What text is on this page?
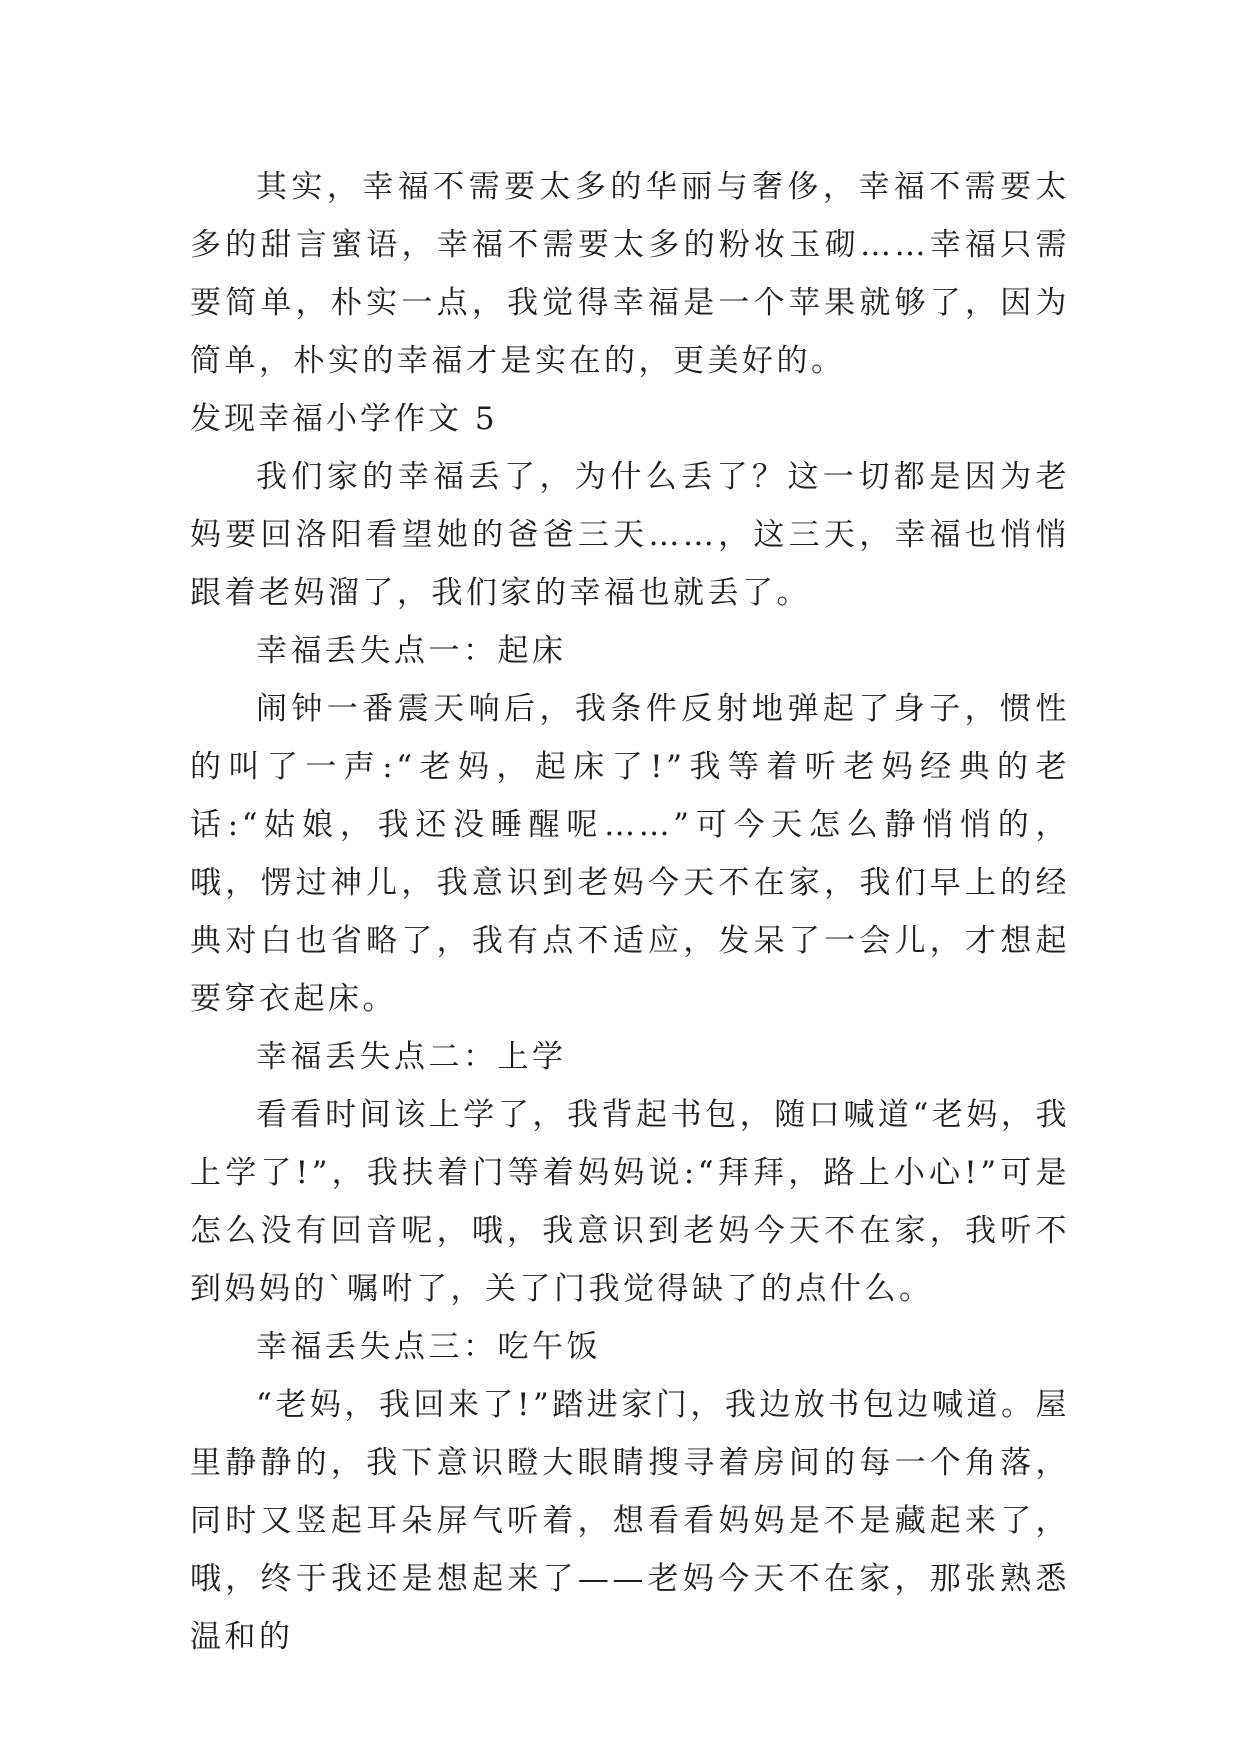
其实，幸福不需要太多的华丽与奢侈，幸福不需要太多的甜言蜜语，幸福不需要太多的粉妆玉砌……幸福只需要简单，朴实一点，我觉得幸福是一个苹果就够了，因为简单，朴实的幸福才是实在的，更美好的。

发现幸福小学作文 5

我们家的幸福丢了，为什么丢了？这一切都是因为老妈要回洛阳看望她的爸爸三天……，这三天，幸福也悄悄跟着老妈溜了，我们家的幸福也就丢了。

幸福丢失点一：起床

闹钟一番震天响后，我条件反射地弹起了身子，惯性的叫了一声:“老妈，起床了!”我等着听老妈经典的老话:“姑娘，我还没睡醒呢……”可今天怎么静悄悄的，哦，愣过神儿，我意识到老妈今天不在家，我们早上的经典对白也省略了，我有点不适应，发呆了一会儿，才想起要穿衣起床。

幸福丢失点二：上学

看看时间该上学了，我背起书包，随口喊道“老妈，我上学了!”，我扶着门等着妈妈说:“拜拜，路上小心!”可是怎么没有回音呢，哦，我意识到老妈今天不在家，我听不到妈妈的`嘱咐了，关了门我觉得缺了的点什么。

幸福丢失点三：吃午饭

“老妈，我回来了!”踏进家门，我边放书包边喊道。屋里静静的，我下意识瞪大眼睛搜寻着房间的每一个角落，同时又竖起耳朵屏气听着，想看看妈妈是不是藏起来了，哦，终于我还是想起来了——老妈今天不在家，那张熟悉温和的
